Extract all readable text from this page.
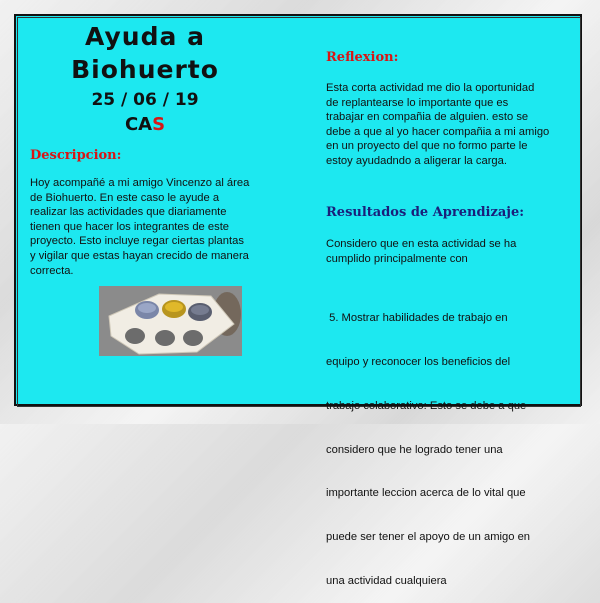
Ayuda a
Biohuerto
25 / 06 / 19
CAS
Descripcion:
Hoy acompañé a mi amigo Vincenzo al área
de Biohuerto. En este caso le ayude a
realizar las actividades que diariamente
tienen que hacer los integrantes de este
proyecto. Esto incluye regar ciertas plantas
y vigilar que estas hayan crecido de manera
correcta.
Reflexion:
Esta corta actividad me dio la oportunidad
de replantearse lo importante que es
trabajar en compañia de alguien. esto se
debe a que al yo hacer compañia a mi amigo
en un proyecto del que no formo parte le
estoy ayudadndo a aligerar la carga.
Resultados de Aprendizaje:
Considero que en esta actividad se ha
cumplido principalmente con

5. Mostrar habilidades de trabajo en

equipo y reconocer los beneficios del

trabajo colaborativo: Esto se debe a que

considero que he logrado tener una

importante leccion acerca de lo vital que

puede ser tener el apoyo de un amigo en

una actividad cualquiera
